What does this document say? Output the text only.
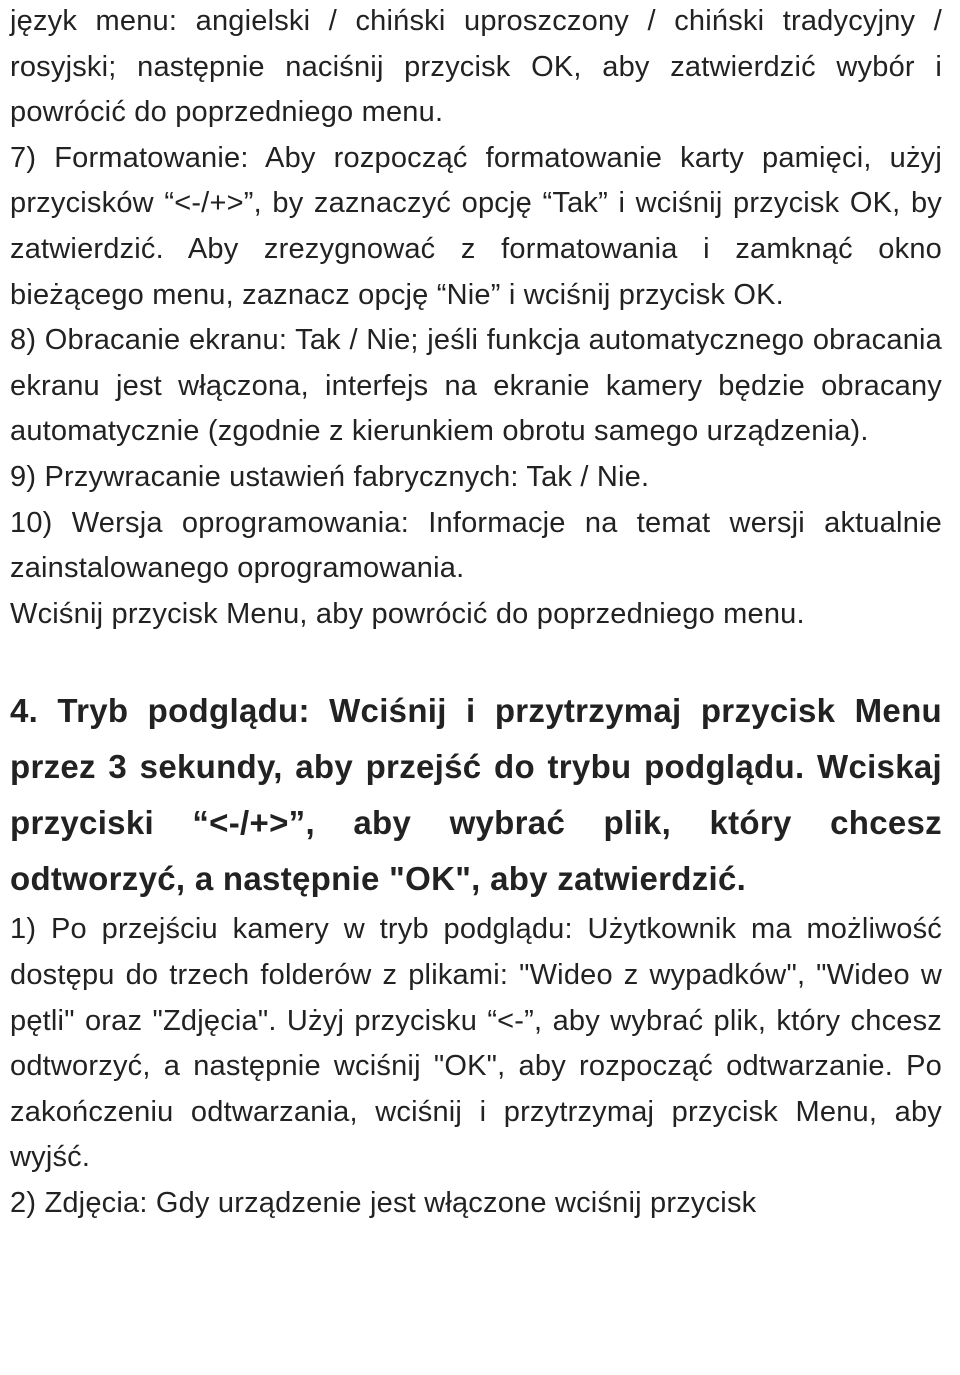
język menu: angielski / chiński uproszczony / chiński tradycyjny / rosyjski; następnie naciśnij przycisk OK, aby zatwierdzić wybór i powrócić do poprzedniego menu.

7) Formatowanie: Aby rozpocząć formatowanie karty pamięci, użyj przycisków “<-/+>”, by zaznaczyć opcję “Tak” i wciśnij przycisk OK, by zatwierdzić. Aby zrezygnować z formatowania i zamknąć okno bieżącego menu, zaznacz opcję “Nie” i wciśnij przycisk OK.

8) Obracanie ekranu: Tak / Nie; jeśli funkcja automatycznego obracania ekranu jest włączona, interfejs na ekranie kamery będzie obracany automatycznie (zgodnie z kierunkiem obrotu samego urządzenia).

9) Przywracanie ustawień fabrycznych: Tak / Nie.

10) Wersja oprogramowania: Informacje na temat wersji aktualnie zainstalowanego oprogramowania.

Wciśnij przycisk Menu, aby powrócić do poprzedniego menu.

4. Tryb podglądu: Wciśnij i przytrzymaj przycisk Menu przez 3 sekundy, aby przejść do trybu podglądu. Wciskaj przyciski “<-/+>”, aby wybrać plik, który chcesz odtworzyć, a następnie "OK", aby zatwierdzić.

1) Po przejściu kamery w tryb podglądu: Użytkownik ma możliwość dostępu do trzech folderów z plikami: "Wideo z wypadków", "Wideo w pętli" oraz "Zdjęcia". Użyj przycisku “<-”, aby wybrać plik, który chcesz odtworzyć, a następnie wciśnij "OK", aby rozpocząć odtwarzanie. Po zakończeniu odtwarzania, wciśnij i przytrzymaj przycisk Menu, aby wyjść.

2) Zdjęcia: Gdy urządzenie jest włączone wciśnij przycisk
